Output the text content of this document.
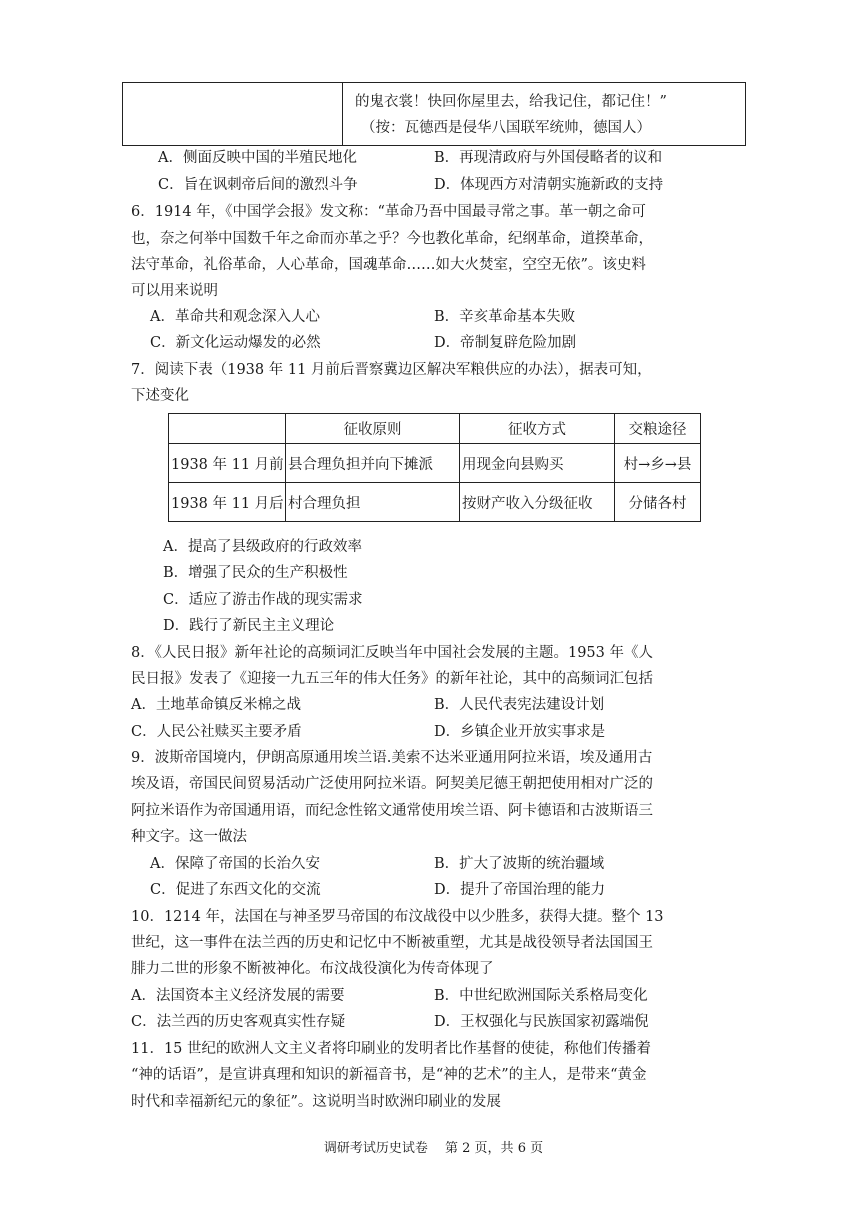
的鬼衣裳！快回你屋里去，给我记住，都记住！”
（按：瓦德西是侵华八国联军统帅，德国人）
A．侧面反映中国的半殖民地化	B．再现清政府与外国侵略者的议和
C．旨在讽刺帝后间的激烈斗争	D．体现西方对清朝实施新政的支持
6．1914 年，《中国学会报》发文称：“革命乃吾中国最寻常之事。革一朝之命可
也，奈之何举中国数千年之命而亦革之乎？今也教化革命，纪纲革命，道揆革命，
法守革命，礼俗革命，人心革命，国魂革命……如大火焚室，空空无依”。该史料
可以用来说明
A．革命共和观念深入人心	B．辛亥革命基本失败
C．新文化运动爆发的必然	D．帝制复辟危险加剧
7．阅读下表（1938 年 11 月前后晋察冀边区解决军粮供应的办法），据表可知，
下述变化
	征收原则	征收方式	交粮途径
1938 年 11 月前	县合理负担并向下摊派	用现金向县购买	村→乡→县
1938 年 11 月后	村合理负担	按财产收入分级征收	分储各村
A．提高了县级政府的行政效率
B．增强了民众的生产积极性
C．适应了游击作战的现实需求
D．践行了新民主主义理论
8．《人民日报》新年社论的高频词汇反映当年中国社会发展的主题。1953 年《人
民日报》发表了《迎接一九五三年的伟大任务》的新年社论，其中的高频词汇包括
A．土地革命镇反米棉之战	B．人民代表宪法建设计划
C．人民公社赎买主要矛盾	D．乡镇企业开放实事求是
9．波斯帝国境内，伊朗高原通用埃兰语.美索不达米亚通用阿拉米语，埃及通用古
埃及语，帝国民间贸易活动广泛使用阿拉米语。阿契美尼德王朝把使用相对广泛的
阿拉米语作为帝国通用语，而纪念性铭文通常使用埃兰语、阿卡德语和古波斯语三
种文字。这一做法
A．保障了帝国的长治久安	B．扩大了波斯的统治疆域
C．促进了东西文化的交流	D．提升了帝国治理的能力
10．1214 年，法国在与神圣罗马帝国的布汶战役中以少胜多，获得大捷。整个 13
世纪，这一事件在法兰西的历史和记忆中不断被重塑，尤其是战役领导者法国国王
腓力二世的形象不断被神化。布汶战役演化为传奇体现了
A．法国资本主义经济发展的需要	B．中世纪欧洲国际关系格局变化
C．法兰西的历史客观真实性存疑	D．王权强化与民族国家初露端倪
11．15 世纪的欧洲人文主义者将印刷业的发明者比作基督的使徒，称他们传播着
“神的话语”，是宣讲真理和知识的新福音书，是“神的艺术”的主人，是带来“黄金
时代和幸福新纪元的象征”。这说明当时欧洲印刷业的发展
调研考试历史试卷　 第 2 页，共 6 页
